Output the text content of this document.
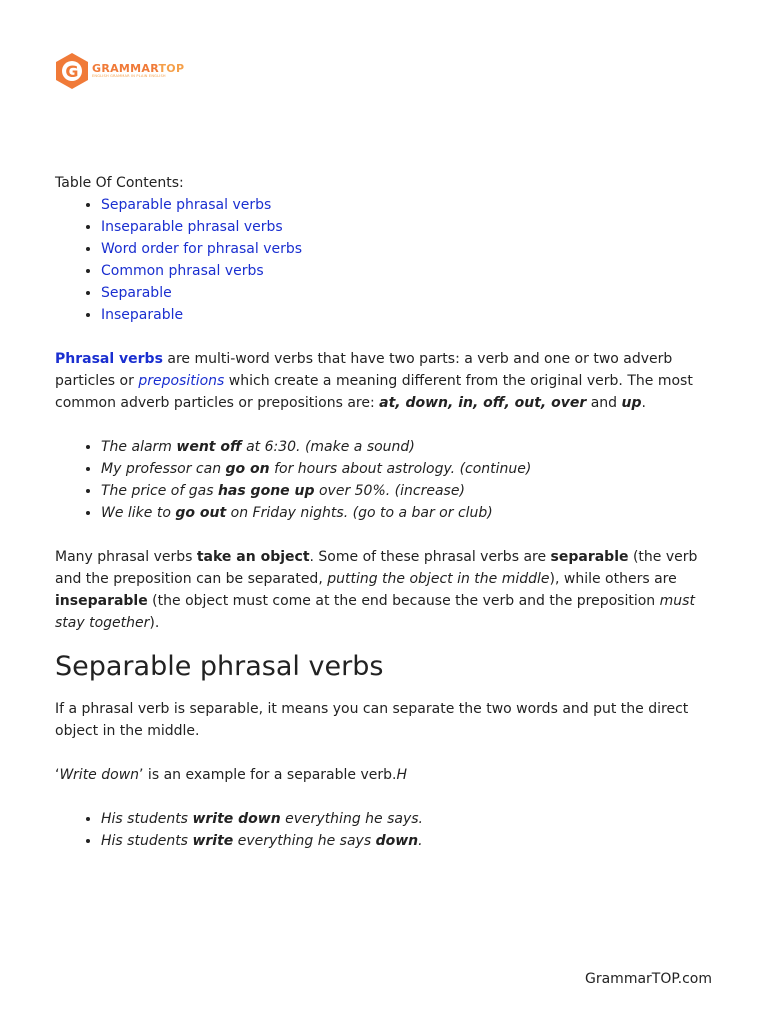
G GRAMMARTOP
ENGLISH GRAMMAR IN PLAIN ENGLISH

Table Of Contents:

• Separable phrasal verbs
• Inseparable phrasal verbs
• Word order for phrasal verbs
• Common phrasal verbs
• Separable
• Inseparable

Phrasal verbs are multi-word verbs that have two parts: a verb and one or two adverb particles or prepositions which create a meaning different from the original verb. The most common adverb particles or prepositions are: at, down, in, off, out, over and up.

• The alarm went off at 6:30. (make a sound)
• My professor can go on for hours about astrology. (continue)
• The price of gas has gone up over 50%. (increase)
• We like to go out on Friday nights. (go to a bar or club)

Many phrasal verbs take an object. Some of these phrasal verbs are separable (the verb and the preposition can be separated, putting the object in the middle), while others are inseparable (the object must come at the end because the verb and the preposition must stay together).

Separable phrasal verbs

If a phrasal verb is separable, it means you can separate the two words and put the direct object in the middle.

‘Write down’ is an example for a separable verb.H

• His students write down everything he says.
• His students write everything he says down.
GrammarTOP.com
